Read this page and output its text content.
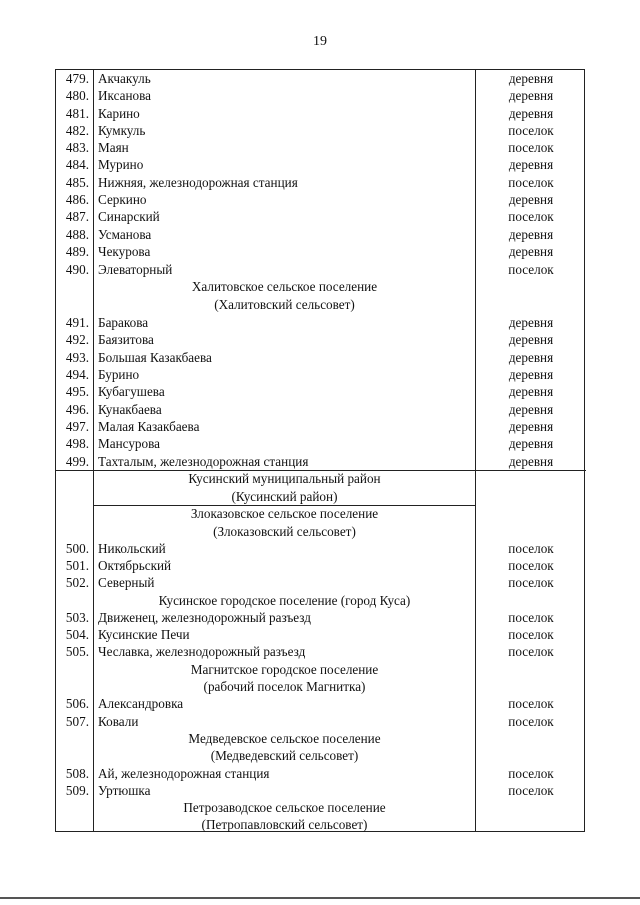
19
479. Акчакуль	деревня
480. Иксанова	деревня
481. Карино	деревня
482. Кумкуль	поселок
483. Маян	поселок
484. Мурино	деревня
485. Нижняя, железнодорожная станция	поселок
486. Серкино	деревня
487. Синарский	поселок
488. Усманова	деревня
489. Чекурова	деревня
490. Элеваторный	поселок
Халитовское сельское поселение
(Халитовский сельсовет)
491. Баракова	деревня
492. Баязитова	деревня
493. Большая Казакбаева	деревня
494. Бурино	деревня
495. Кубагушева	деревня
496. Кунакбаева	деревня
497. Малая Казакбаева	деревня
498. Мансурова	деревня
499. Тахталым, железнодорожная станция	деревня
Кусинский муниципальный район
(Кусинский район)
Злоказовское сельское поселение
(Злоказовский сельсовет)
500. Никольский	поселок
501. Октябрьский	поселок
502. Северный	поселок
Кусинское городское поселение (город Куса)
503. Движенец, железнодорожный разъезд	поселок
504. Кусинские Печи	поселок
505. Чеславка, железнодорожный разъезд	поселок
Магнитское городское поселение
(рабочий поселок Магнитка)
506. Александровка	поселок
507. Ковали	поселок
Медведевское сельское поселение
(Медведевский сельсовет)
508. Ай, железнодорожная станция	поселок
509. Уртюшка	поселок
Петрозаводское сельское поселение
(Петропавловский сельсовет)
